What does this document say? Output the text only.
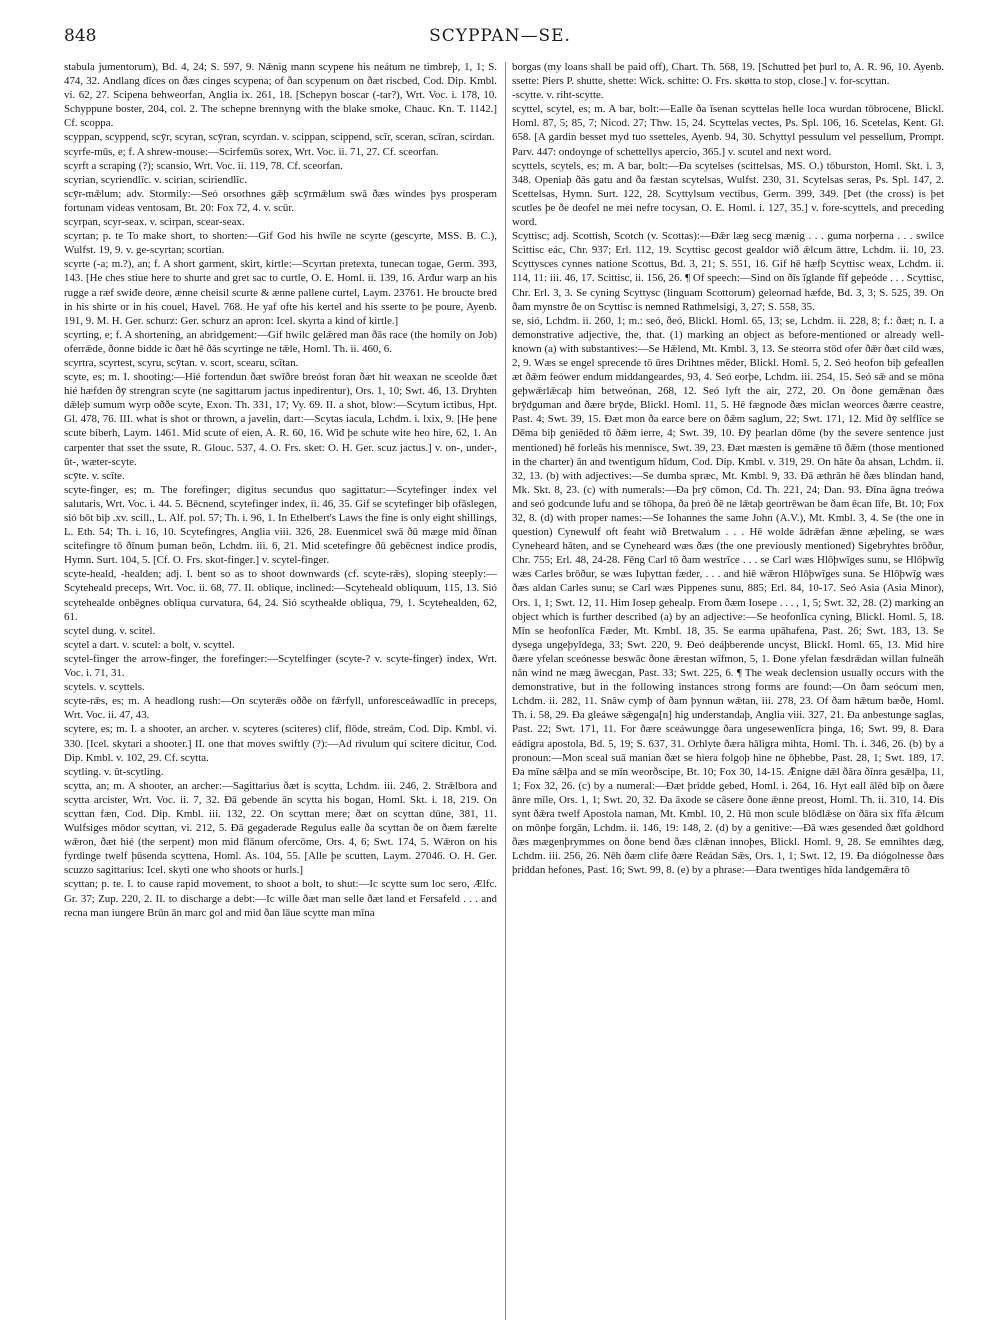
848	SCYPPAN—SE.

stabula jumentorum), Bd. 4, 24; S. 597, 9. Nǣnig mann scypene his neátum ne timbreþ, 1, 1; S. 474, 32. Andlang dīces on ðæs cinges scypena; of ðan scypenum on ðæt riscbed, Cod. Dip. Kmbl. vi. 62, 27. Scipena behweorfan, Anglia ix. 261, 18. [Schepyn boscar (-tar?), Wrt. Voc. i. 178, 10. Schyppune boster, 204, col. 2. The schepne brennyng with the blake smoke, Chauc. Kn. T. 1142.] Cf. scoppa.

scyppan, scyppend, scȳr, scyran, scȳran, scyrdan. v. scippan, scippend, scīr, sceran, scīran, scirdan.

scyrfe-mūs, e; f. A shrew-mouse:—Scirfemūs sorex, Wrt. Voc. ii. 71, 27. Cf. sceorfan.

scyrft a scraping (?); scansio, Wrt. Voc. ii. 119, 78. Cf. sceorfan.

scyrian, scyriendlīc. v. scirian, sciriendlīc.

scȳr-mǣlum; adv. Stormily:—Seó orsorhnes gǣþ scȳrmǣlum swā ðæs windes þys prosperam fortunam videas ventosam, Bt. 20: Fox 72, 4. v. scūr.

scyrpan, scyr-seax. v. scirpan, scear-seax.

scyrtan; p. te To make short, to shorten:—Gif God his hwīle ne scyrte (gescyrte, MSS. B. C.), Wulfst. 19, 9. v. ge-scyrtan; scortian.

scyrte (-a; m.?), an; f. A short garment, skirt, kirtle:—Scyrtan pretexta, tunecan togae, Germ. 393, 143. [He ches stiue here to shurte and gret sac to curtle, O. E. Homl. ii. 139, 16. Arđur warp an his rugge a ræf swiđe deore, ænne cheisil scurte & ænne pallene curtel, Laym. 23761. He broucte bred in his shirte or in his couel, Havel. 768. He yaf ofte his kertel and his sserte to þe poure, Ayenb. 191, 9. M. H. Ger. schurz: Ger. schurz an apron: Icel. skyrta a kind of kirtle.]

scyrting, e; f. A shortening, an abridgement:—Gif hwilc gelǣred man ðās race (the homily on Job) oferrǣde, ðonne bidde ic ðæt hē ðās scyrtinge ne tǣle, Homl. Th. ii. 460, 6.

scyrtra, scyrtest, scyru, scȳtan. v. scort, scearu, scītan.

scyte, es; m. I. shooting:—Hié fortendun ðæt swīðre breóst foran ðæt hit weaxan ne sceolde ðæt hié hæfden ðȳ strengran scyte (ne sagittarum jactus inpedirentur), Ors. 1, 10; Swt. 46, 13. Dryhten dǣleþ sumum wyrp oððe scyte, Exon. Th. 331, 17; Vy. 69. II. a shot, blow:—Scytum ictibus, Hpt. Gl. 478, 76. III. what is shot or thrown, a javelin, dart:—Scytas iacula, Lchdm. i. lxix, 9. [He þene scute biberh, Laym. 1461. Mid scute of eien, A. R. 60, 16. Wiđ þe schute wite heo hire, 62, 1. An carpenter that sset the ssute, R. Glouc. 537, 4. O. Frs. sket: O. H. Ger. scuz jactus.] v. on-, under-, ūt-, wæter-scyte.

scȳte. v. scīte.

scyte-finger, es; m. The forefinger; digitus secundus quo sagittatur:—Scytefinger index vel salutaris, Wrt. Voc. i. 44. 5. Bēcnend, scytefinger index, ii. 46, 35. Gif se scytefinger biþ ofāslegen, sió bōt biþ .xv. scill., L. Alf. pol. 57; Th. i. 96, 1. In Ethelbert's Laws the fine is only eight shillings, L. Eth. 54; Th. i. 16, 10. Scytefingres, Anglia viii. 326, 28. Euenmicel swā ðū mæge mid ðīnan scitefingre tō ðīnum þuman beōn, Lchdm. iii. 6, 21. Mid scetefingre ðū gebēcnest indice prodis, Hymn. Surt. 104, 5. [Cf. O. Frs. skot-finger.] v. scytel-finger.

scyte-heald, -healden; adj. I. bent so as to shoot downwards (cf. scyte-rǣs), sloping steeply:—Scyteheald preceps, Wrt. Voc. ii. 68, 77. II. oblique, inclined:—Scyteheald obliquum, 115, 13. Sió scytehealde onbēgnes obliqua curvatura, 64, 24. Sió scytheałde obliqua, 79, 1. Scytehealden, 62, 61.

scytel dung. v. scitel.

scytel a dart. v. scutel: a bolt, v. scyttel.

scytel-finger the arrow-finger, the forefinger:—Scytelfinger (scyte-? v. scyte-finger) index, Wrt. Voc. i. 71, 31.

scytels. v. scyttels.

scyte-rǣs, es; m. A headlong rush:—On scyterǣs oððe on fǣrfyll, unforesceáwadlīc in preceps, Wrt. Voc. ii. 47, 43.

scytere, es; m. I. a shooter, an archer. v. scyteres (sciteres) clif, flōde, streám, Cod. Dip. Kmbl. vi. 330. [Icel. skytari a shooter.] II. one that moves swiftly (?):—Ad rivulum qui scitere dicitur, Cod. Dip. Kmbl. v. 102, 29. Cf. scytta.

scytling. v. ūt-scytling.

scytta, an; m. A shooter, an archer:—Sagittarius ðæt is scytta, Lchdm. iii. 246, 2. Strǣlbora and scytta arcister, Wrt. Voc. ii. 7, 32. Ðā gebende ān scytta his bogan, Homl. Skt. i. 18, 219. On scyttan fæn, Cod. Dip. Kmbl. iii. 132, 22. On scyttan mere; ðæt on scyttan dūne, 381, 11. Wulfsiges mōdor scyttan, vi. 212, 5. Ðā gegaderade Regulus ealle ða scyttan ðe on ðæm færelte wǣron, ðæt hié (the serpent) mon mid flānum ofercōme, Ors. 4, 6; Swt. 174, 5. Wǣron on his fyrdinge twelf þūsenda scyttena, Homl. As. 104, 55. [Alle þe scutten, Laym. 27046. O. H. Ger. scuzzo sagittarius: Icel. skyti one who shoots or hurls.]

scyttan; p. te. I. to cause rapid movement, to shoot a bolt, to shut:—Ic scytte sum loc sero, Ælfc. Gr. 37; Zup. 220, 2. II. to discharge a debt:—Ic wille ðæt man selle ðæt land et Fersafeld . . . and recna man iungere Brūn ān marc gol and mid ðan lāue scytte man mīna

borgas (my loans shall be paid off), Chart. Th. 568, 19. [Schutted þet þurl to, A. R. 96, 10. Ayenb. ssette: Piers P. shutte, shette: Wick. schitte: O. Frs. skøtta to stop, close.] v. for-scyttan.

-scytte. v. riht-scytte.

scyttel, scytel, es; m. A bar, bolt:—Ealle ða īsenan scyttelas helle loca wurdan tōbrocene, Blickl. Homl. 87, 5; 85, 7; Nicod. 27; Thw. 15, 24. Scyttelas vectes, Ps. Spl. 106, 16. Scetelas, Kent. Gl. 658. [A gardin besset myd tuo ssetteles, Ayenb. 94, 30. Schyttyl pessulum vel pessellum, Prompt. Parv. 447: ondoynge of schettellys apercio, 365.] v. scutel and next word.

scyttels, scytels, es; m. A bar, bolt:—Ða scytelses (scittelsas, MS. O.) tōburston, Homl. Skt. i. 3, 348. Openiaþ ðās gatu and ða fæstan scytelsas, Wulfst. 230, 31. Scytelsas seras, Ps. Spl. 147, 2. Scettelsas, Hymn. Surt. 122, 28. Scyttylsum vectibus, Germ. 399, 349. [Þet (the cross) is þet scutles þe ðe deofel ne mei nefre tocysan, O. E. Homl. i. 127, 35.] v. fore-scyttels, and preceding word.

Scyttisc; adj. Scottish, Scotch (v. Scottas):—Ðǣr læg secg mænig . . . guma norþerna . . . swilce Scittisc eác, Chr. 937; Erl. 112, 19. Scyttisc gecost gealdor wið ǣlcum āttre, Lchdm. ii. 10, 23. Scyttysces cynnes natione Scottus, Bd. 3, 21; S. 551, 16. Gif hē hæfþ Scyttisc weax, Lchdm. ii. 114, 11: iii. 46, 17. Scittisc, ii. 156, 26. ¶ Of speech:—Sind on ðīs īglande fīf geþeóde . . . Scyttisc, Chr. Erl. 3, 3. Se cyning Scyttysc (linguam Scottorum) geleornad hæfde, Bd. 3, 3; S. 525, 39. On ðam mynstre ðe on Scyttisc is nemned Rathmelsigi, 3, 27; S. 558, 35.

se, sió, Lchdm. ii. 260, 1; m.: seó, ðeó, Blickl. Homl. 65, 13; se, Lchdm. ii. 228, 8; f.: ðæt; n. I. a demonstrative adjective, the, that. (1) marking an object as before-mentioned or already well-known (a) with substantives:—Se Hǣlend, Mt. Kmbl. 3, 13. Se steorra stōd ofer ðǣr ðæt cild wæs, 2, 9. Wæs se engel sprecende tō ūres Drihtnes mēder, Blickl. Homl. 5, 2. Seó heofon biþ gefeallen æt ðǣm feówer endum middangeardes, 93, 4. Seó eorþe, Lchdm. iii. 254, 15. Seó sǣ and se mōna geþwǣrlǣcaþ him betweónan, 268, 12. Seó lyft the air, 272, 20. On ðone gemǣnan ðæs brȳdguman and ðære brȳde, Blickl. Homl. 11, 5. Hē fægnode ðæs miclan weorces ðærre ceastre, Past. 4; Swt. 39, 15. Ðæt mon ða earce bere on ðǣm saglum, 22; Swt. 171, 12. Mid ðȳ selflīce se Dēma biþ geniēded tō ðǣm ierre, 4; Swt. 39, 10. Ðȳ þearlan dōme (by the severe sentence just mentioned) hē forleās his mennisce, Swt. 39, 23. Ðæt mæsten is gemǣne tō ðǣm (those mentioned in the charter) ān and twentigum hīdum, Cod. Dip. Kmbl. v. 319, 29. On hāte ða ahsan, Lchdm. ii. 32, 13. (b) with adjectives:—Se dumba spræc, Mt. Kmbl. 9, 33. Ðā æthrān hē ðæs blindan hand, Mk. Skt. 8, 23. (c) with numerals:—Ða þrȳ cōmon, Cd. Th. 221, 24; Dan. 93. Ðīna āgna treówa and seó godcunde lufu and se tōhopa, ða þreó ðē ne lǣtaþ geortrēwan be ðam ēcan līfe, Bt. 10; Fox 32, 8. (d) with proper names:—Se Iohannes the same John (A.V.), Mt. Kmbl. 3, 4. Se (the one in question) Cynewulf oft feaht wið Bretwalum . . . Hē wolde ādrǣfan ǣnne æþeling, se wæs Cyneheard hāten, and se Cyneheard wæs ðæs (the one previously mentioned) Sigebryhtes brōður, Chr. 755; Erl. 48, 24-28. Fēng Carl tō ðam westrīce . . . se Carl wæs Hlōþwīges sunu, se Hlōþwīg wæs Carles brōður, se wæs Iuþyttan fæder, . . . and hiē wǣron Hlōþwīges suna. Se Hlōþwīg wæs ðæs aldan Carles sunu; se Carl wæs Pippenes sunu, 885; Erl. 84, 10-17. Seó Asia (Asia Minor), Ors. 1, 1; Swt. 12, 11. Him Iosep gehealp. From ðæm Iosepe . . . , 1, 5; Swt. 32, 28. (2) marking an object which is further described (a) by an adjective:—Se heofonlīca cyning, Blickl. Homl. 5, 18. Mīn se heofonlīca Fæder, Mt. Kmbl. 18, 35. Se earma upāhafena, Past. 26; Swt. 183, 13. Se dysega ungeþyldega, 33; Swt. 220, 9. Ðeó deáþberende uncyst, Blickl. Homl. 65, 13. Mid hire ðære yfelan sceónesse beswāc ðone ǣrestan wīfmon, 5, 1. Ðone yfelan fæsdrǣdan willan fulneāh nān wind ne mæg āwecgan, Past. 33; Swt. 225, 6. ¶ The weak declension usually occurs with the demonstrative, but in the following instances strong forms are found:—On ðam seócum men, Lchdm. ii. 282, 11. Snāw cymþ of ðam þynnun wǣtan, iii. 278, 23. Of ðam hǣtum bæðe, Homl. Th. i. 58, 29. Ða gleáwe sǣgenga[n] hig understandaþ, Anglia viii. 327, 21. Ða anbestunge saglas, Past. 22; Swt. 171, 11. For ðære sceáwungge ðara ungesewenlīcra þinga, 16; Swt. 99, 8. Ðara eádigra apostola, Bd. 5, 19; S. 637, 31. Orhlyte ðæra hāligra mihta, Homl. Th. i. 346, 26. (b) by a pronoun:—Mon sceal suā manian ðæt se hiera folgoþ hine ne ōþhebbe, Past. 28, 1; Swt. 189, 17. Ða mīne sǣlþa and se mīn weorðscipe, Bt. 10; Fox 30, 14-15. Ǣnigne dǣl ðāra ðīnra gesǣlþa, 11, 1; Fox 32, 26. (c) by a numeral:—Ðæt þridde gebed, Homl. i. 264, 16. Hyt eall ālēd bīþ on ðære ānre mīle, Ors. 1, 1; Swt. 20, 32. Ða āxode se cāsere ðone ǣnne preost, Homl. Th. ii. 310, 14. Ðis synt ðǣra twelf Apostola naman, Mt. Kmbl. 10, 2. Hū mon scule blōdlǣse on ðāra six fīfa ǣlcum on mōnþe forgān, Lchdm. ii. 146, 19: 148, 2. (d) by a genitive:—Ðā wæs gesended ðæt goldhord ðæs mægenþrymmes on ðone bend ðæs clǣnan innoþes, Blickl. Homl. 9, 28. Se emnihtes dæg, Lchdm. iii. 256, 26. Nēh ðæm clife ðære Reádan Sǣs, Ors. 1, 1; Swt. 12, 19. Ða diógolnesse ðæs þriddan hefones, Past. 16; Swt. 99, 8. (e) by a phrase:—Ðara twentiges hīda landgemǣra tō
